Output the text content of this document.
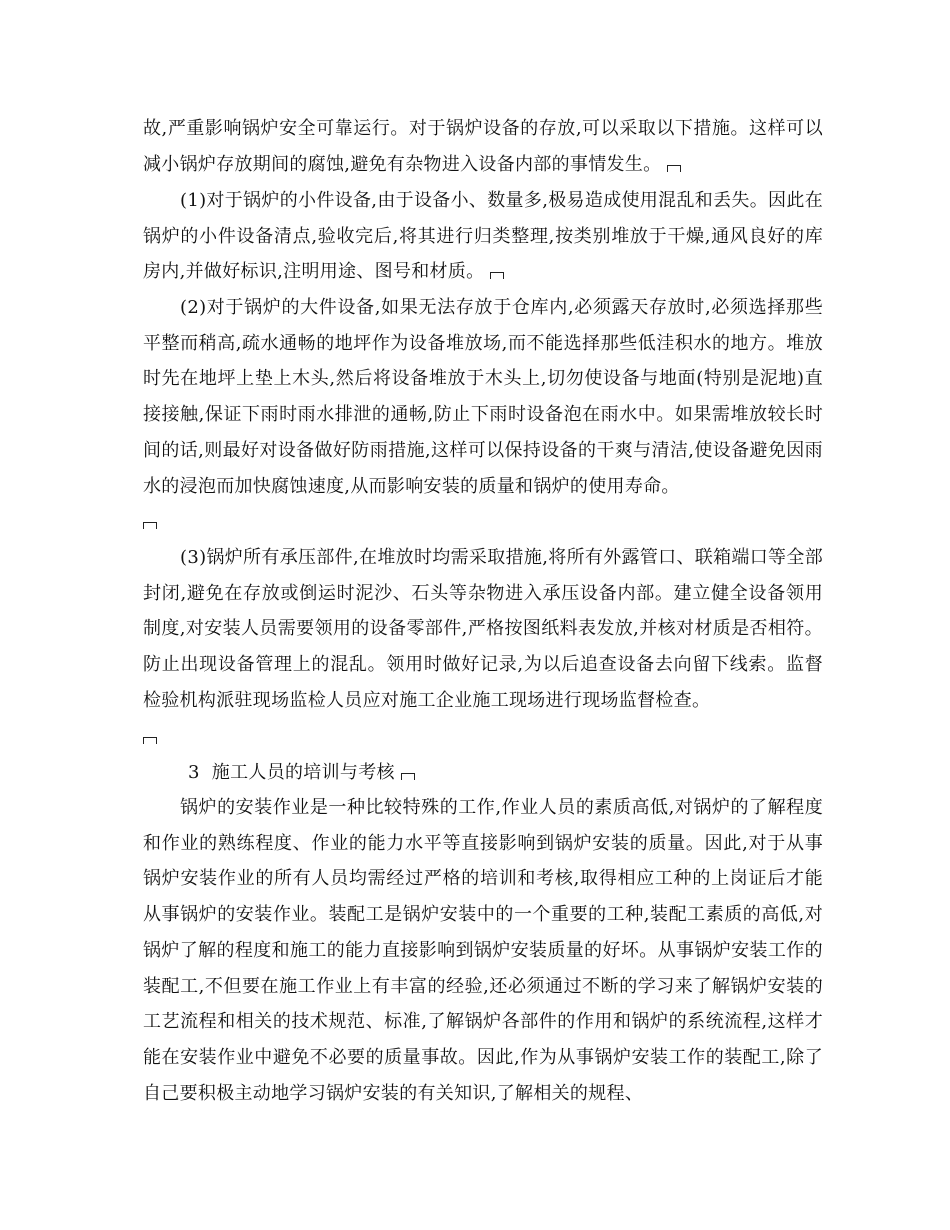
故,严重影响锅炉安全可靠运行。对于锅炉设备的存放,可以采取以下措施。这样可以减小锅炉存放期间的腐蚀,避免有杂物进入设备内部的事情发生。

(1)对于锅炉的小件设备,由于设备小、数量多,极易造成使用混乱和丢失。因此在锅炉的小件设备清点,验收完后,将其进行归类整理,按类别堆放于干燥,通风良好的库房内,并做好标识,注明用途、图号和材质。

(2)对于锅炉的大件设备,如果无法存放于仓库内,必须露天存放时,必须选择那些平整而稍高,疏水通畅的地坪作为设备堆放场,而不能选择那些低洼积水的地方。堆放时先在地坪上垫上木头,然后将设备堆放于木头上,切勿使设备与地面(特别是泥地)直接接触,保证下雨时雨水排泄的通畅,防止下雨时设备泡在雨水中。如果需堆放较长时间的话,则最好对设备做好防雨措施,这样可以保持设备的干爽与清洁,使设备避免因雨水的浸泡而加快腐蚀速度,从而影响安装的质量和锅炉的使用寿命。
(3)锅炉所有承压部件,在堆放时均需采取措施,将所有外露管口、联箱端口等全部封闭,避免在存放或倒运时泥沙、石头等杂物进入承压设备内部。建立健全设备领用制度,对安装人员需要领用的设备零部件,严格按图纸料表发放,并核对材质是否相符。防止出现设备管理上的混乱。领用时做好记录,为以后追查设备去向留下线索。监督检验机构派驻现场监检人员应对施工企业施工现场进行现场监督检查。

3  施工人员的培训与考核

锅炉的安装作业是一种比较特殊的工作,作业人员的素质高低,对锅炉的了解程度和作业的熟练程度、作业的能力水平等直接影响到锅炉安装的质量。因此,对于从事锅炉安装作业的所有人员均需经过严格的培训和考核,取得相应工种的上岗证后才能从事锅炉的安装作业。装配工是锅炉安装中的一个重要的工种,装配工素质的高低,对锅炉了解的程度和施工的能力直接影响到锅炉安装质量的好坏。从事锅炉安装工作的装配工,不但要在施工作业上有丰富的经验,还必须通过不断的学习来了解锅炉安装的工艺流程和相关的技术规范、标准,了解锅炉各部件的作用和锅炉的系统流程,这样才能在安装作业中避免不必要的质量事故。因此,作为从事锅炉安装工作的装配工,除了自己要积极主动地学习锅炉安装的有关知识,了解相关的规程、
